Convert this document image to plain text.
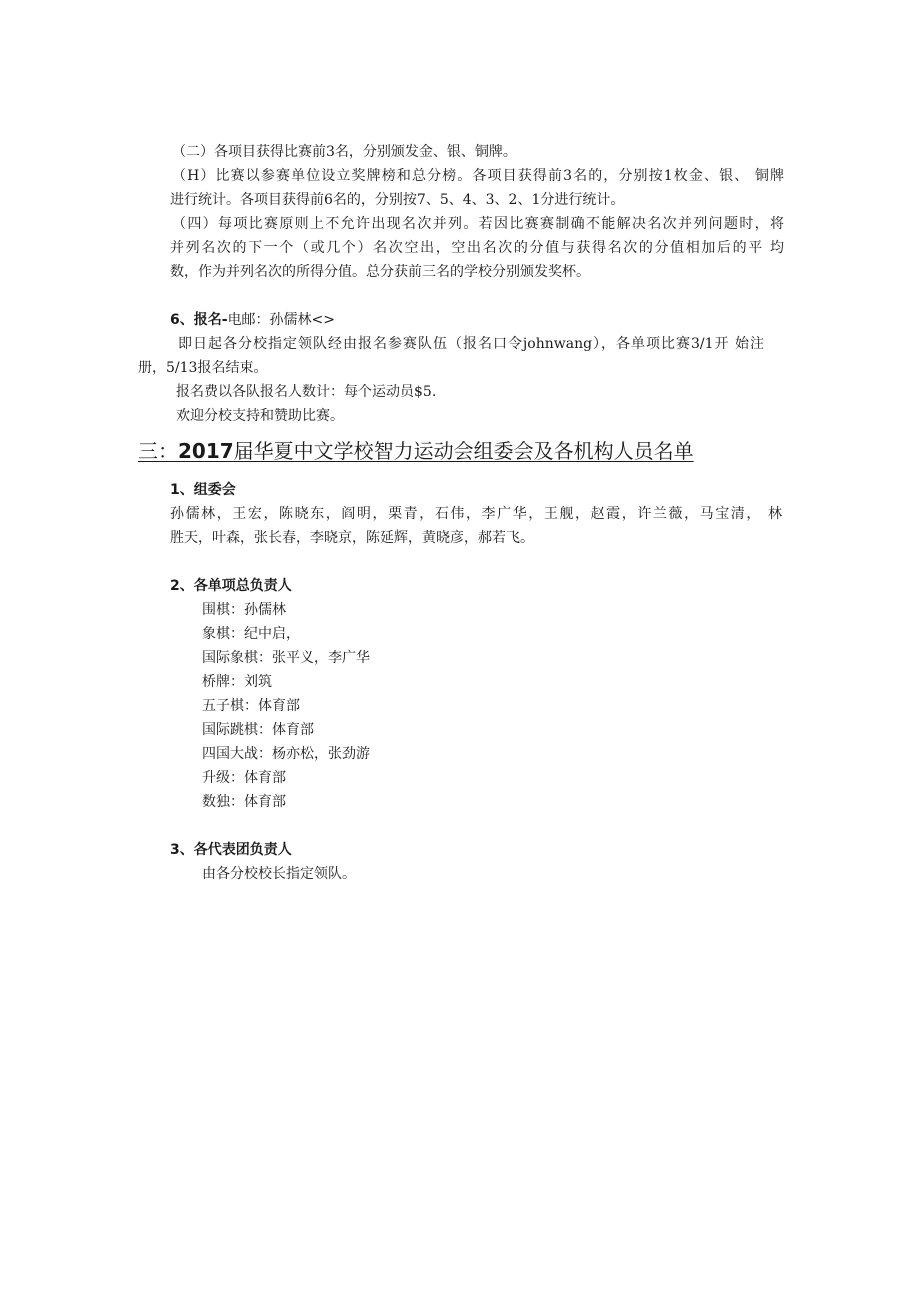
（二）各项目获得比赛前3名，分别颁发金、银、铜牌。
（H）比赛以参赛单位设立奖牌榜和总分榜。各项目获得前3名的，分别按1枚金、银、 铜牌
进行统计。各项目获得前6名的，分别按7、5、4、3、2、1分进行统计。
（四）每项比赛原则上不允许出现名次并列。若因比赛赛制确不能解决名次并列问题时，将
并列名次的下一个（或几个）名次空出，空出名次的分值与获得名次的分值相加后的平 均
数，作为并列名次的所得分值。总分获前三名的学校分别颁发奖杯。
6、报名-电邮：孙儒林<>
即日起各分校指定领队经由报名参赛队伍（报名口令johnwang），各单项比赛3/1开 始注
册，5/13报名结束。
报名费以各队报名人数计：每个运动员$5.
欢迎分校支持和赞助比赛。
三：2017届华夏中文学校智力运动会组委会及各机构人员名单
1、组委会
孙儒林，王宏，陈晓东，阎明，栗青，石伟，李广华，王舰，赵霞，许兰薇，马宝清， 林
胜天，叶森，张长春，李晓京，陈延辉，黄晓彦，郝若飞。
2、各单项总负责人
围棋：孙儒林
象棋：纪中启，
国际象棋：张平义，李广华
桥牌：刘筑
五子棋：体育部
国际跳棋：体育部
四国大战：杨亦松，张劲游
升级：体育部
数独：体育部
3、各代表团负责人
由各分校校长指定领队。
